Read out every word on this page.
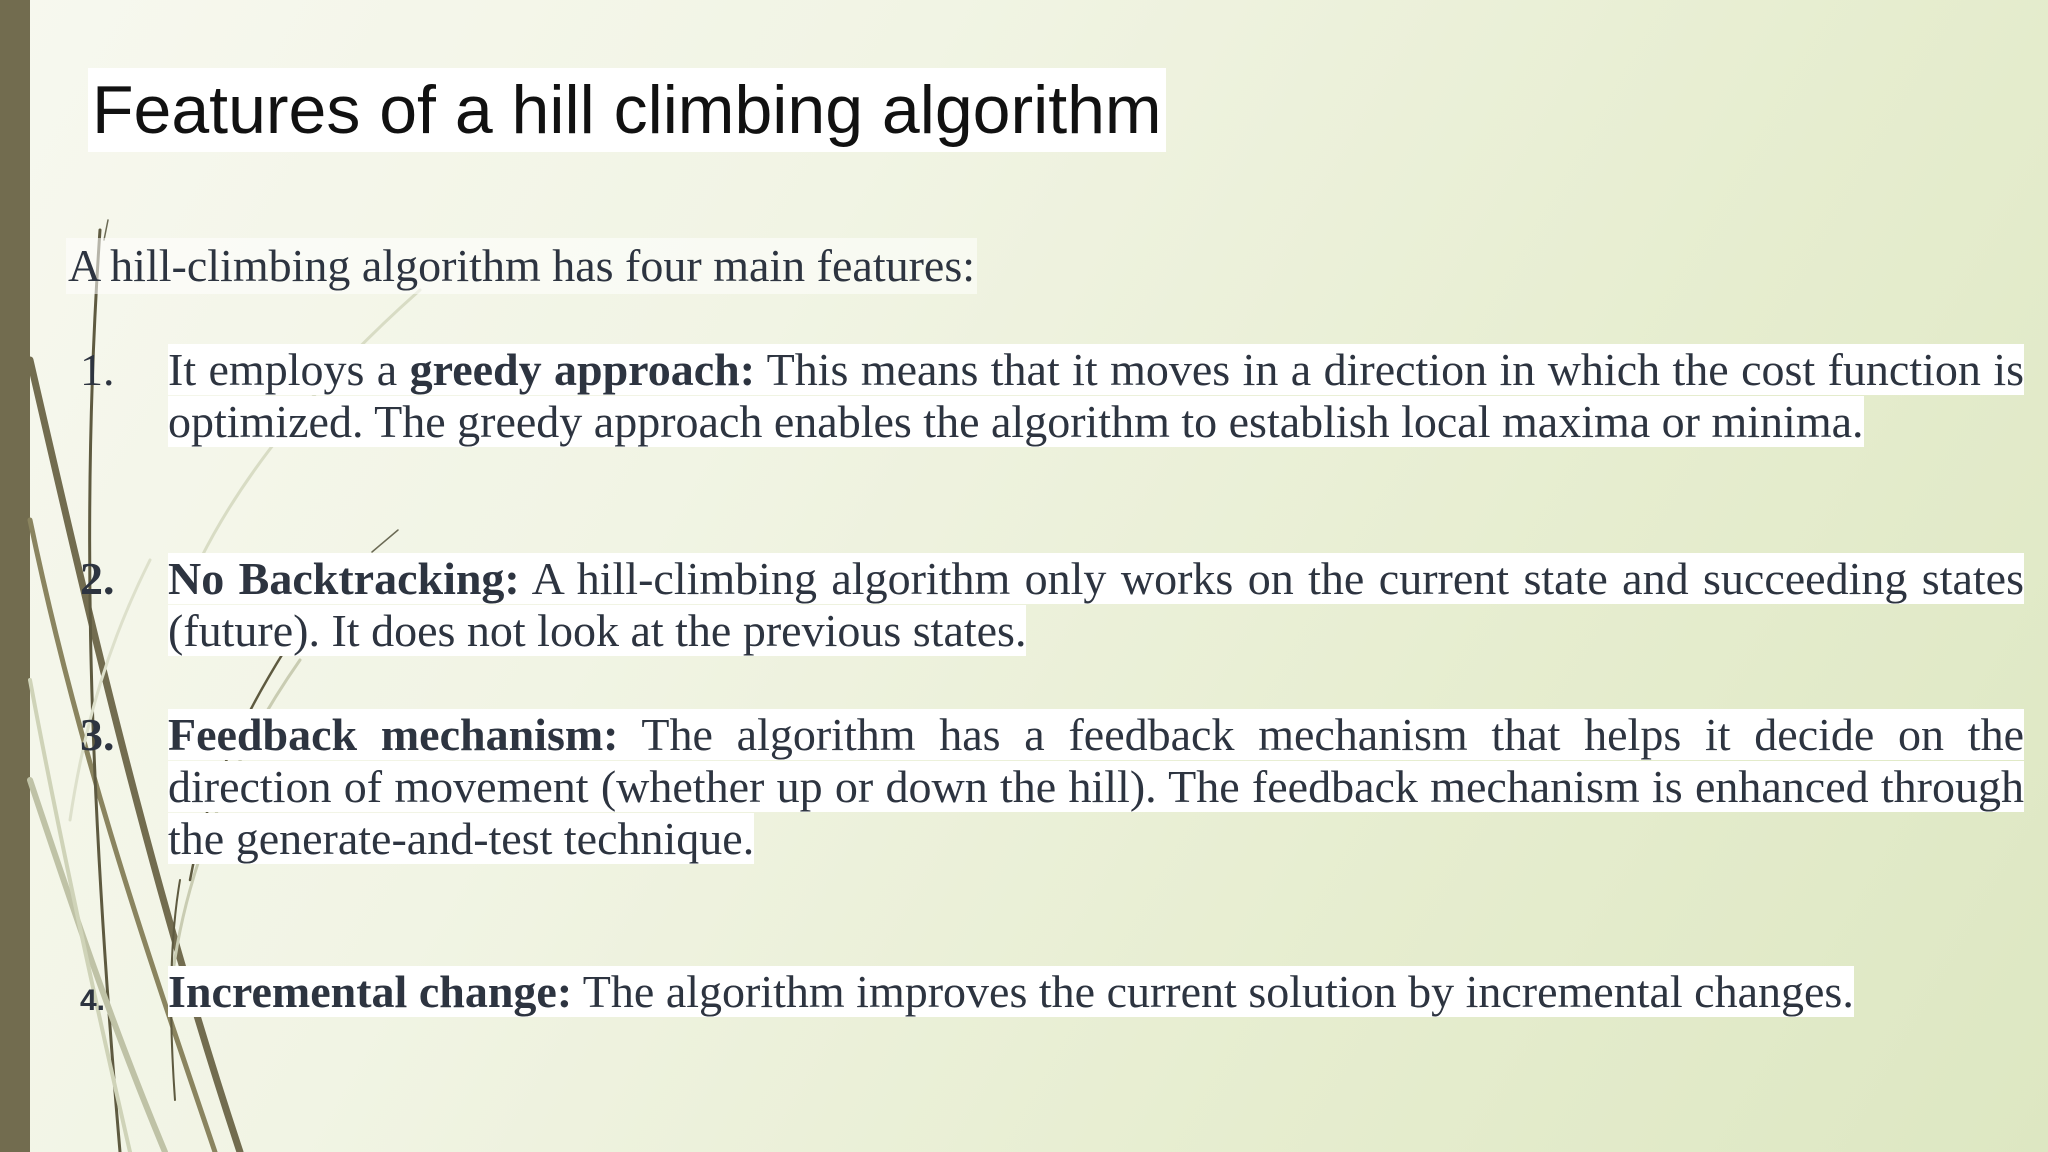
Features of a hill climbing algorithm
A hill-climbing algorithm has four main features:
1. It employs a greedy approach: This means that it moves in a direction in which the cost function is optimized. The greedy approach enables the algorithm to establish local maxima or minima.
2. No Backtracking: A hill-climbing algorithm only works on the current state and succeeding states (future). It does not look at the previous states.
3. Feedback mechanism: The algorithm has a feedback mechanism that helps it decide on the direction of movement (whether up or down the hill). The feedback mechanism is enhanced through the generate-and-test technique.
4. Incremental change: The algorithm improves the current solution by incremental changes.
